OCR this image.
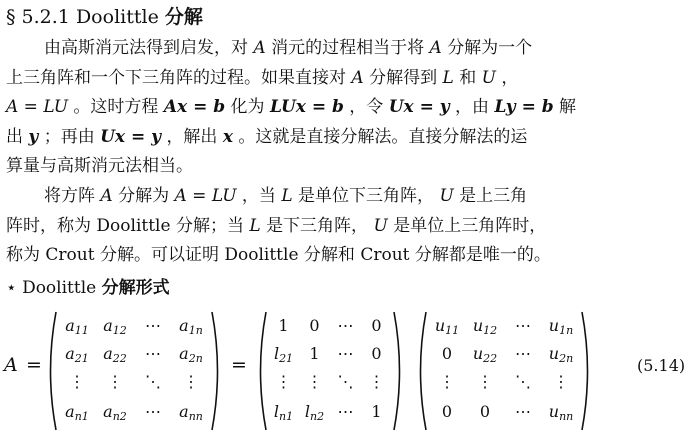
§ 5.2.1 Doolittle 分解
由高斯消元法得到启发，对 A 消元的过程相当于将 A 分解为一个
上三角阵和一个下三角阵的过程。如果直接对 A 分解得到 L 和 U ，
A = LU 。这时方程 Ax = b 化为 LUx = b ，令 Ux = y ，由 Ly = b 解
出 y ；再由 Ux = y ，解出 x 。这就是直接分解法。直接分解法的运
算量与高斯消元法相当。
将方阵 A 分解为 A = LU ，当 L 是单位下三角阵， U 是上三角
阵时，称为 Doolittle 分解；当 L 是下三角阵， U 是单位上三角阵时，
称为 Crout 分解。可以证明 Doolittle 分解和 Crout 分解都是唯一的。
⋆ Doolittle 分解形式
A =	=
$a_{11}$ $a_{12}$	⋯	$a_{1n}$
$a_{21}$ $a_{22}$	⋯	$a_{2n}$
⋮	⋮	⋱	⋮
$a_{n1}$ $a_{n2}$	⋯	$a_{nn}$
1	0	⋯	0
$l_{21}$	1	⋯	0
⋮ ⋮ ⋱ ⋮
$l_{n1}$ $l_{n2}$ ⋯	1
$u_{11}$ $u_{12}$	⋯	$u_{1n}$
0	$u_{22}$	⋯	$u_{2n}$
⋮	⋮	⋱	⋮
0	0	⋯	$u_{nn}$
(5.14)
